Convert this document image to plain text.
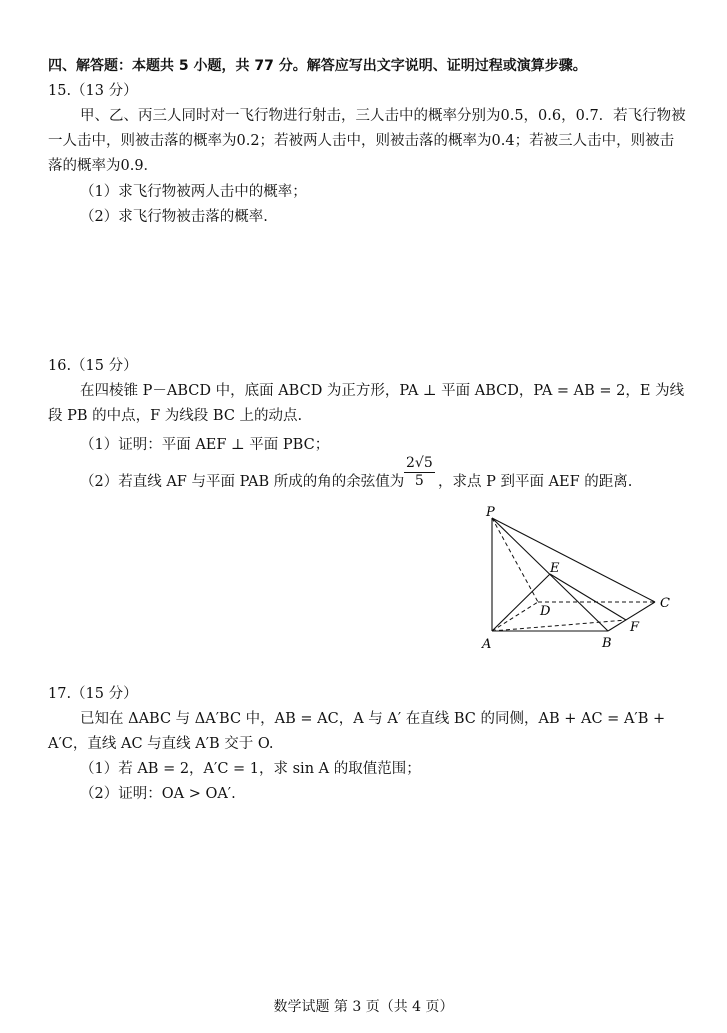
四、解答题：本题共 5 小题，共 77 分。解答应写出文字说明、证明过程或演算步骤。
15.（13 分）
甲、乙、丙三人同时对一飞行物进行射击，三人击中的概率分别为0.5，0.6，0.7．若飞行物被一人击中，则被击落的概率为0.2；若被两人击中，则被击落的概率为0.4；若被三人击中，则被击落的概率为0.9．
（1）求飞行物被两人击中的概率；
（2）求飞行物被击落的概率.
16.（15 分）
在四棱锥 P－ABCD 中，底面 ABCD 为正方形，PA ⊥ 平面 ABCD，PA = AB = 2，E 为线段 PB 的中点，F 为线段 BC 上的动点.
（1）证明：平面 AEF ⊥ 平面 PBC；
（2）若直线 AF 与平面 PAB 所成的角的余弦值为 $\frac{2√5}{5}$ ，求点 P 到平面 AEF 的距离.
P
E
D
C
F
A	B
17.（15 分）
已知在 ΔABC 与 ΔA′BC 中，AB = AC，A 与 A′ 在直线 BC 的同侧，AB + AC = A′B + A′C，直线 AC 与直线 A′B 交于 O.
（1）若 AB = 2，A′C = 1，求 sin A 的取值范围；
（2）证明：OA > OA′.
数学试题 第 3 页（共 4 页）
